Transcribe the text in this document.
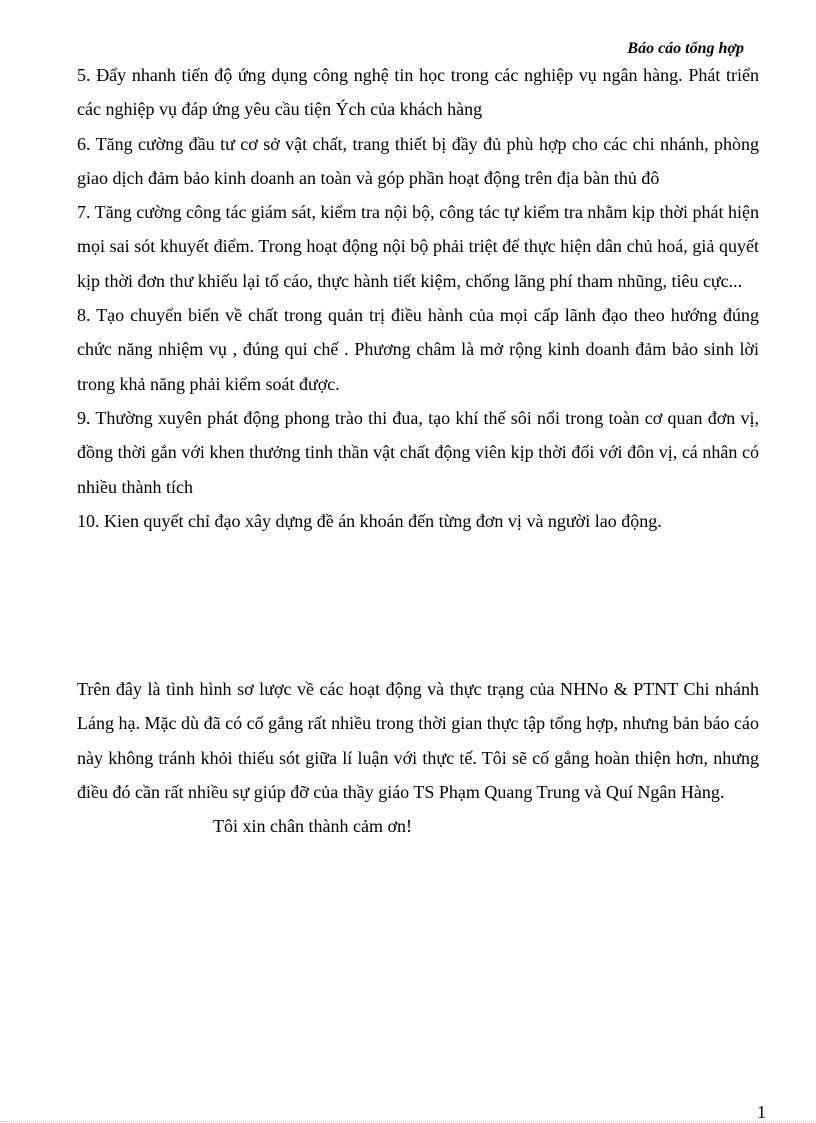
Báo cáo tổng hợp

5. Đẩy nhanh tiến độ ứng dụng công nghệ tin học trong các nghiệp vụ ngân hàng. Phát triển các nghiệp vụ đáp ứng yêu cầu tiện Ých của khách hàng

6. Tăng cường đầu tư cơ sở vật chất, trang thiết bị đầy đủ phù hợp cho các chi nhánh, phòng giao dịch đảm bảo kinh doanh an toàn và góp phần hoạt động trên địa bàn thủ đô

7. Tăng cường công tác giám sát, kiểm tra nội bộ, công tác tự kiểm tra nhằm kịp thời phát hiện mọi sai sót khuyết điểm. Trong hoạt động nội bộ phải triệt để thực hiện dân chủ hoá, giả quyết kịp thời đơn thư khiếu lại tố cáo, thực hành tiết kiệm, chống lãng phí tham nhũng, tiêu cực...

8. Tạo chuyển biến về chất trong quản trị điều hành của mọi cấp lãnh đạo theo hướng đúng chức năng nhiệm vụ , đúng qui chế . Phương châm là mở rộng kinh doanh đảm bảo sinh lời trong khả năng phải kiểm soát được.

9. Thường xuyên phát động phong trào thi đua, tạo khí thế sôi nổi trong toàn cơ quan đơn vị, đồng thời gắn với khen thưởng tinh thần vật chất động viên kịp thời đối với đôn vị, cá nhân có nhiều thành tích

10. Kien quyết chỉ đạo xây dựng đề án khoán đến từng đơn vị và người lao động.

Trên đây là tình hình sơ lược về các hoạt động và thực trạng của NHNo & PTNT Chi nhánh Láng hạ. Mặc dù đã có cố gắng rất nhiều trong thời gian thực tập tổng hợp, nhưng bản báo cáo này không tránh khỏi thiếu sót giữa lí luận với thực tế. Tôi sẽ cố gắng hoàn thiện hơn, nhưng điều đó cần rất nhiều sự giúp đỡ của thầy giáo TS Phạm Quang Trung và Quí Ngân Hàng.

Tôi xin chân thành cảm ơn!

1
